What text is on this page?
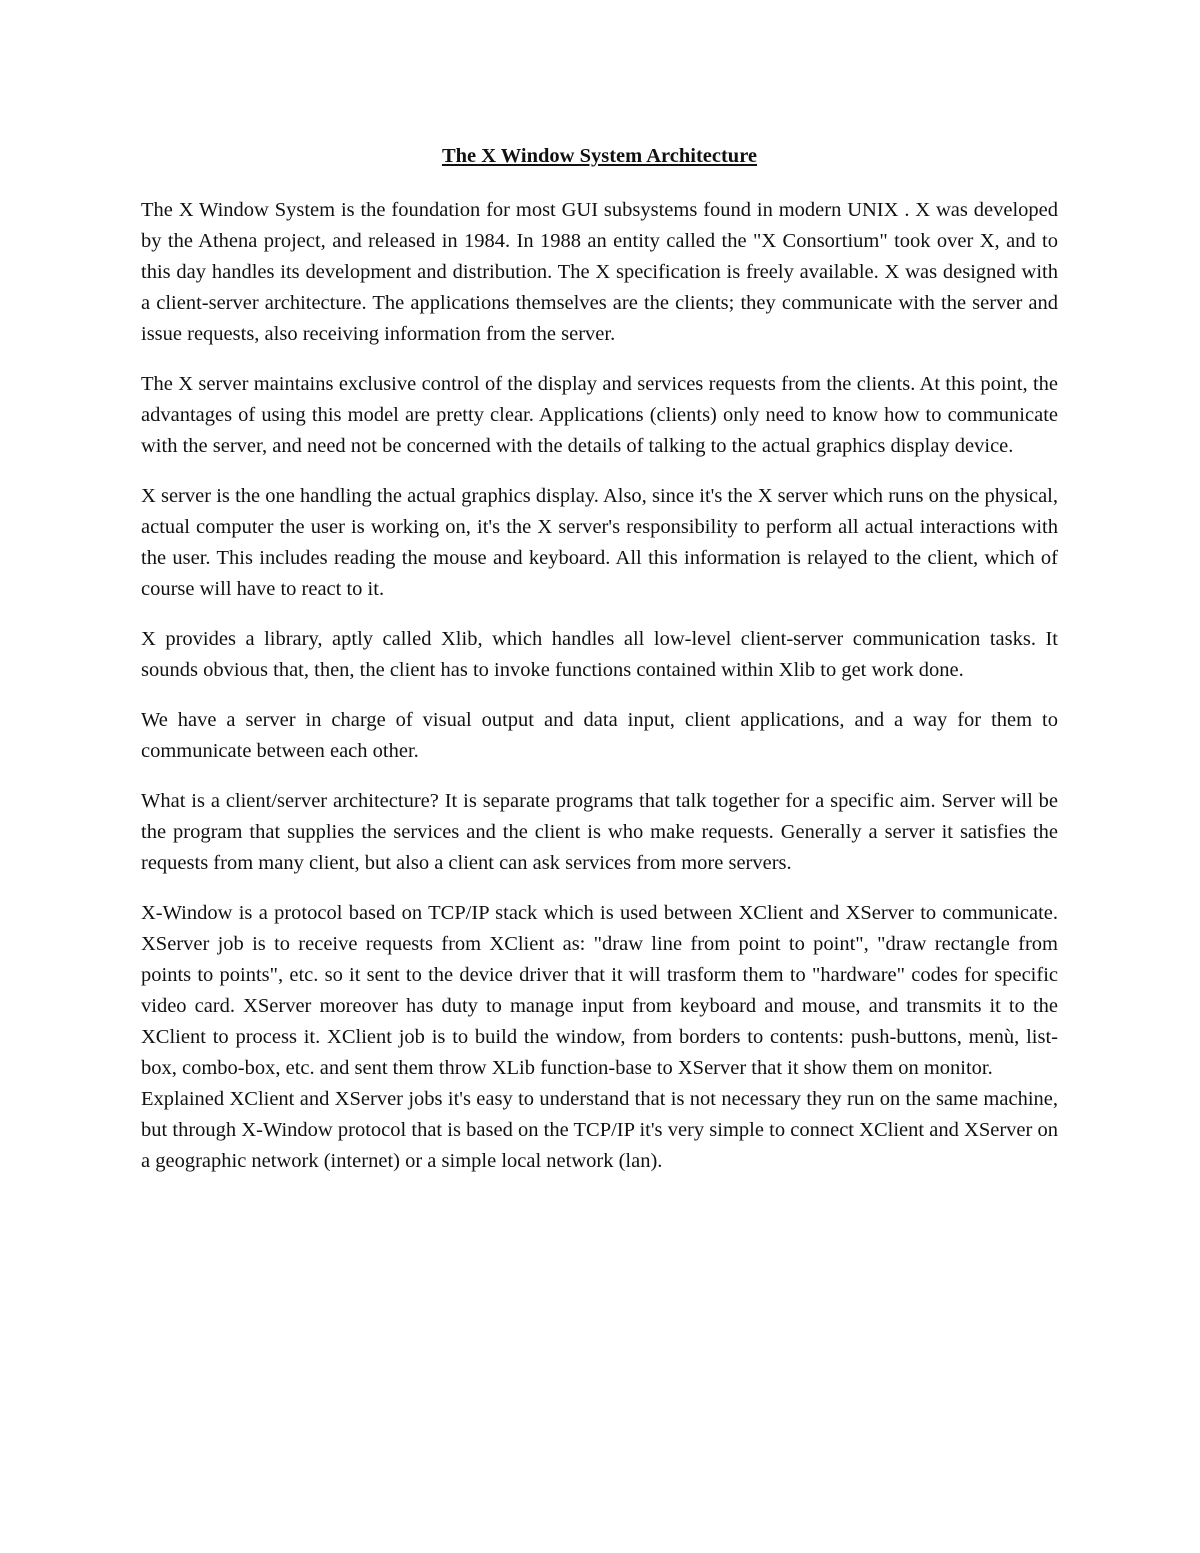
The X Window System Architecture

The X Window System is the foundation for most GUI subsystems found in modern UNIX . X was developed by the Athena project, and released in 1984. In 1988 an entity called the "X Consortium" took over X, and to this day handles its development and distribution. The X specification is freely available. X was designed with a client-server architecture. The applications themselves are the clients; they communicate with the server and issue requests, also receiving information from the server.

The X server maintains exclusive control of the display and services requests from the clients. At this point, the advantages of using this model are pretty clear. Applications (clients) only need to know how to communicate with the server, and need not be concerned with the details of talking to the actual graphics display device.

X server is the one handling the actual graphics display. Also, since it's the X server which runs on the physical, actual computer the user is working on, it's the X server's responsibility to perform all actual interactions with the user. This includes reading the mouse and keyboard. All this information is relayed to the client, which of course will have to react to it.

X provides a library, aptly called Xlib, which handles all low-level client-server communication tasks. It sounds obvious that, then, the client has to invoke functions contained within Xlib to get work done.

We have a server in charge of visual output and data input, client applications, and a way for them to communicate between each other.

What is a client/server architecture? It is separate programs that talk together for a specific aim. Server will be the program that supplies the services and the client is who make requests. Generally a server it satisfies the requests from many client, but also a client can ask services from more servers.

X-Window is a protocol based on TCP/IP stack which is used between XClient and XServer to communicate. XServer job is to receive requests from XClient as: "draw line from point to point", "draw rectangle from points to points", etc. so it sent to the device driver that it will trasform them to "hardware" codes for specific video card. XServer moreover has duty to manage input from keyboard and mouse, and transmits it to the XClient to process it. XClient job is to build the window, from borders to contents: push-buttons, menù, list-box, combo-box, etc. and sent them throw XLib function-base to XServer that it show them on monitor.

Explained XClient and XServer jobs it's easy to understand that is not necessary they run on the same machine, but through X-Window protocol that is based on the TCP/IP it's very simple to connect XClient and XServer on a geographic network (internet) or a simple local network (lan).
